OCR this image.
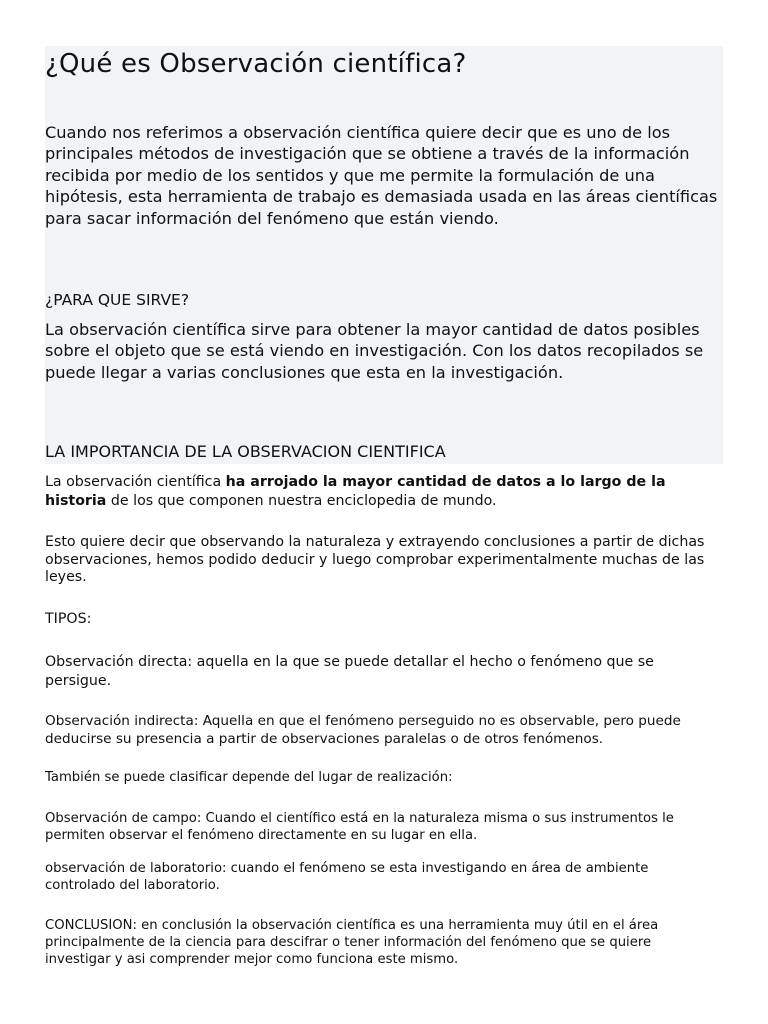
¿Qué es Observación científica?

Cuando nos referimos a observación científica quiere decir que es uno de los principales métodos de investigación que se obtiene a través de la información recibida por medio de los sentidos y que me permite la formulación de una hipótesis, esta herramienta de trabajo es demasiada usada en las áreas científicas para sacar información del fenómeno que están viendo.

¿PARA QUE SIRVE?

La observación científica sirve para obtener la mayor cantidad de datos posibles sobre el objeto que se está viendo en investigación. Con los datos recopilados se puede llegar a varias conclusiones que esta en la investigación.

LA IMPORTANCIA DE LA OBSERVACION CIENTIFICA

La observación científica ha arrojado la mayor cantidad de datos a lo largo de la historia de los que componen nuestra enciclopedia de mundo.

Esto quiere decir que observando la naturaleza y extrayendo conclusiones a partir de dichas observaciones, hemos podido deducir y luego comprobar experimentalmente muchas de las leyes.

TIPOS:

Observación directa: aquella en la que se puede detallar el hecho o fenómeno que se persigue.

Observación indirecta: Aquella en que el fenómeno perseguido no es observable, pero puede deducirse su presencia a partir de observaciones paralelas o de otros fenómenos.

También se puede clasificar depende del lugar de realización:

Observación de campo: Cuando el científico está en la naturaleza misma o sus instrumentos le permiten observar el fenómeno directamente en su lugar en ella.

observación de laboratorio: cuando el fenómeno se esta investigando en área de ambiente controlado del laboratorio.

CONCLUSION: en conclusión la observación científica es una herramienta muy útil en el área principalmente de la ciencia para descifrar o tener información del fenómeno que se quiere investigar y asi comprender mejor como funciona este mismo.
